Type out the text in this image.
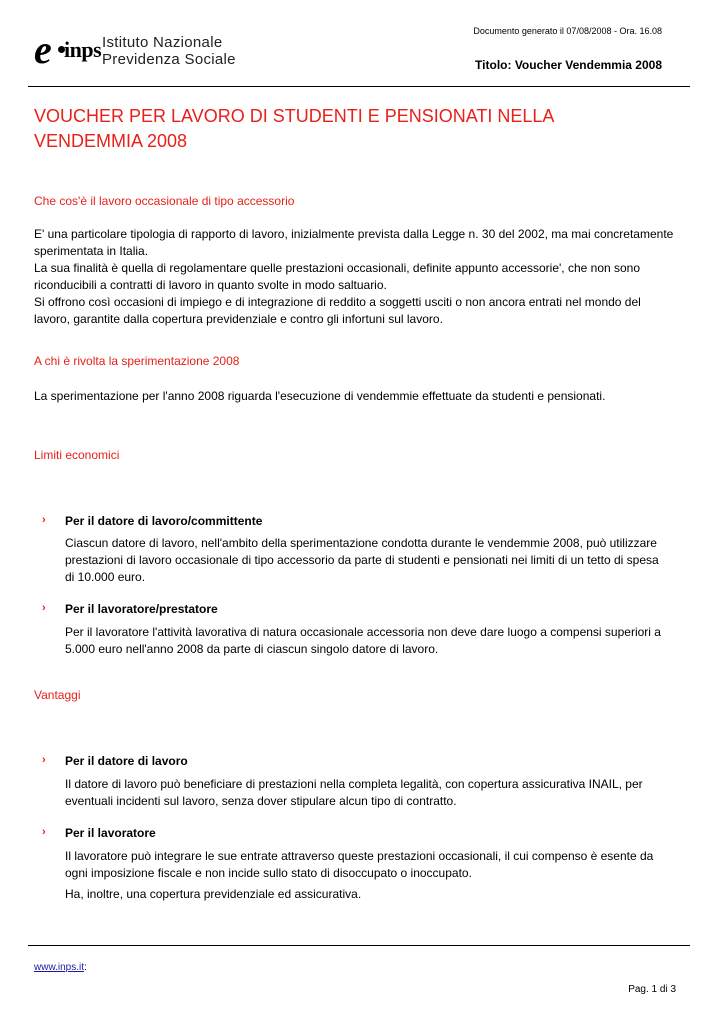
e inps Istituto Nazionale
Previdenza Sociale
Documento generato il 07/08/2008 - Ora. 16.08
Titolo: Voucher Vendemmia 2008
VOUCHER PER LAVORO DI STUDENTI E PENSIONATI NELLA VENDEMMIA 2008
Che cos'è il lavoro occasionale di tipo accessorio

E' una particolare tipologia di rapporto di lavoro, inizialmente prevista dalla Legge n. 30 del 2002, ma mai concretamente sperimentata in Italia.

La sua finalità è quella di regolamentare quelle prestazioni occasionali, definite appunto accessorie', che non sono riconducibili a contratti di lavoro in quanto svolte in modo saltuario.

Si offrono così occasioni di impiego e di integrazione di reddito a soggetti usciti o non ancora entrati nel mondo del lavoro, garantite dalla copertura previdenziale e contro gli infortuni sul lavoro.

A chi è rivolta la sperimentazione 2008
La sperimentazione per l'anno 2008 riguarda l'esecuzione di vendemmie effettuate da studenti e pensionati.
Limiti economici
› Per il datore di lavoro/committente
Ciascun datore di lavoro, nell'ambito della sperimentazione condotta durante le vendemmie 2008, può utilizzare prestazioni di lavoro occasionale di tipo accessorio da parte di studenti e pensionati nei limiti di un tetto di spesa di 10.000 euro.
› Per il lavoratore/prestatore
Per il lavoratore l'attività lavorativa di natura occasionale accessoria non deve dare luogo a compensi superiori a 5.000 euro nell'anno 2008 da parte di ciascun singolo datore di lavoro.
Vantaggi
› Per il datore di lavoro
Il datore di lavoro può beneficiare di prestazioni nella completa legalità, con copertura assicurativa INAIL, per eventuali incidenti sul lavoro, senza dover stipulare alcun tipo di contratto.
› Per il lavoratore
Il lavoratore può integrare le sue entrate attraverso queste prestazioni occasionali, il cui compenso è esente da ogni imposizione fiscale e non incide sullo stato di disoccupato o inoccupato.
Ha, inoltre, una copertura previdenziale ed assicurativa.
www.inps.it:
Pag. 1 di 3
